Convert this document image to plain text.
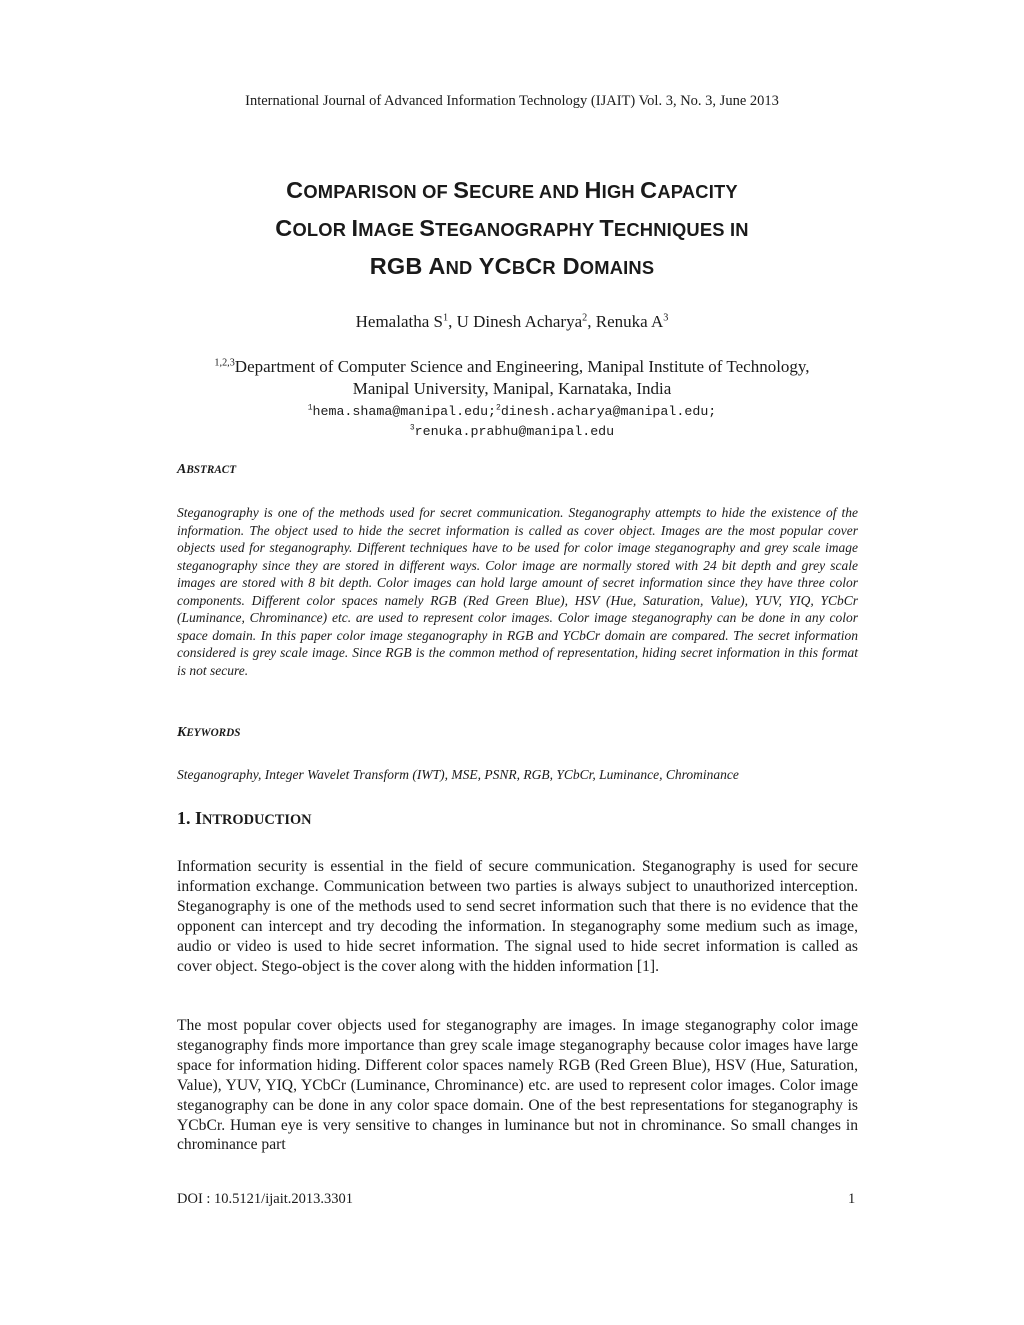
International Journal of Advanced Information Technology (IJAIT) Vol. 3, No. 3, June 2013
COMPARISON OF SECURE AND HIGH CAPACITY
COLOR IMAGE STEGANOGRAPHY TECHNIQUES IN
RGB AND YCBCR DOMAINS
Hemalatha $S^1$, U Dinesh Acharya$^2$, Renuka $A^3$
$^{1,2,3}$Department of Computer Science and Engineering, Manipal Institute of Technology,
Manipal University, Manipal, Karnataka, India
$^1$hema.shama@manipal.edu;$^2$dinesh.acharya@manipal.edu;
$^3$renuka.prabhu@manipal.edu
ABSTRACT

Steganography is one of the methods used for secret communication. Steganography attempts to hide the existence of the information. The object used to hide the secret information is called as cover object. Images are the most popular cover objects used for steganography. Different techniques have to be used for color image steganography and grey scale image steganography since they are stored in different ways. Color image are normally stored with 24 bit depth and grey scale images are stored with 8 bit depth. Color images can hold large amount of secret information since they have three color components. Different color spaces namely RGB (Red Green Blue), HSV (Hue, Saturation, Value), YUV, YIQ, YCbCr (Luminance, Chrominance) etc. are used to represent color images. Color image steganography can be done in any color space domain. In this paper color image steganography in RGB and YCbCr domain are compared. The secret information considered is grey scale image. Since RGB is the common method of representation, hiding secret information in this format is not secure.

KEYWORDS

Steganography, Integer Wavelet Transform (IWT), MSE, PSNR, RGB, YCbCr, Luminance, Chrominance

1. INTRODUCTION

Information security is essential in the field of secure communication. Steganography is used for secure information exchange. Communication between two parties is always subject to unauthorized interception. Steganography is one of the methods used to send secret information such that there is no evidence that the opponent can intercept and try decoding the information. In steganography some medium such as image, audio or video is used to hide secret information. The signal used to hide secret information is called as cover object. Stego-object is the cover along with the hidden information [1].

The most popular cover objects used for steganography are images. In image steganography color image steganography finds more importance than grey scale image steganography because color images have large space for information hiding. Different color spaces namely RGB (Red Green Blue), HSV (Hue, Saturation, Value), YUV, YIQ, YCbCr (Luminance, Chrominance) etc. are used to represent color images. Color image steganography can be done in any color space domain. One of the best representations for steganography is YCbCr. Human eye is very sensitive to changes in luminance but not in chrominance. So small changes in chrominance part

DOI : 10.5121/ijait.2013.3301	1
